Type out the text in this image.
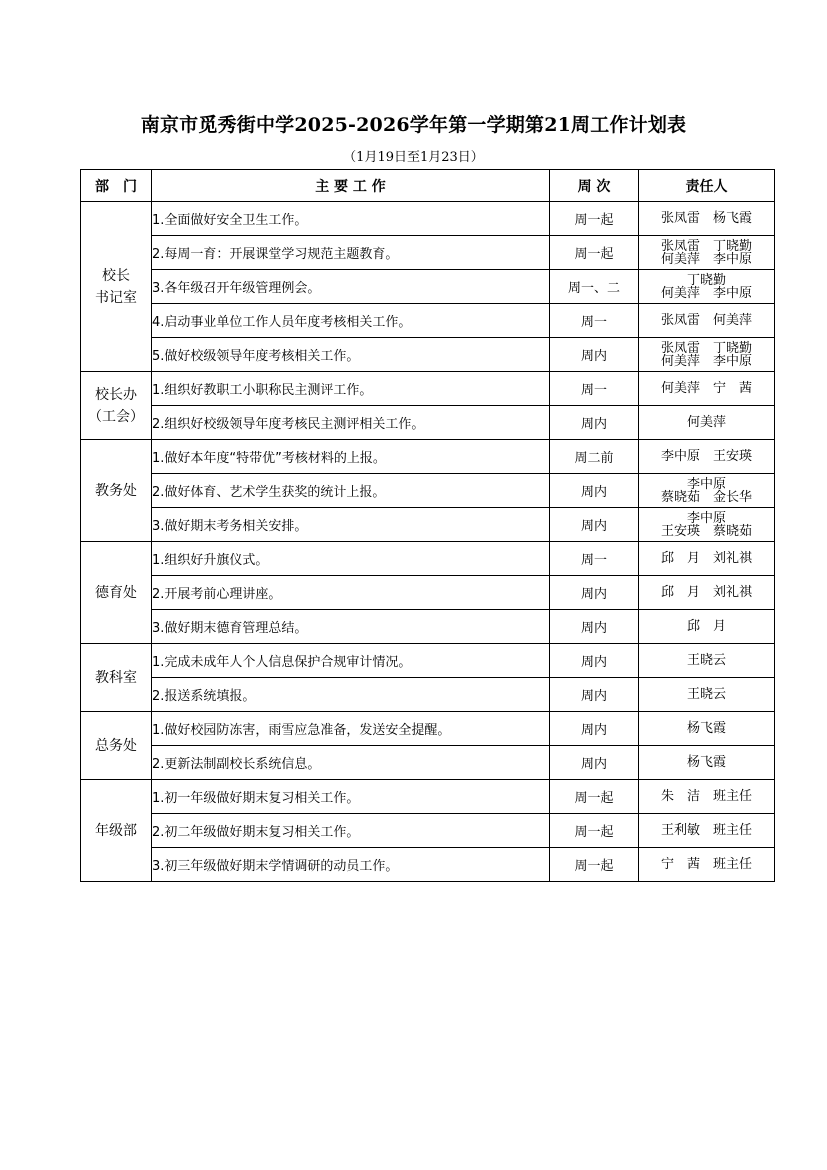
南京市觅秀街中学2025-2026学年第一学期第21周工作计划表
（1月19日至1月23日）
部　门	主 要 工 作	周 次	责任人

校长
书记室	1.全面做好安全卫生工作。	周一起	张凤雷　杨飞霞

	2.每周一育：开展课堂学习规范主题教育。	周一起	张凤雷　丁晓勤
何美萍　李中原

	3.各年级召开年级管理例会。	周一、二	丁晓勤
何美萍　李中原

	4.启动事业单位工作人员年度考核相关工作。	周一	张凤雷　何美萍

	5.做好校级领导年度考核相关工作。	周内	张凤雷　丁晓勤
何美萍　李中原

校长办
（工会）	1.组织好教职工小职称民主测评工作。	周一	何美萍　宁　茜

	2.组织好校级领导年度考核民主测评相关工作。	周内	何美萍

教务处	1.做好本年度“特带优”考核材料的上报。	周二前	李中原　王安瑛

	2.做好体育、艺术学生获奖的统计上报。	周内	李中原
蔡晓茹　金长华

	3.做好期末考务相关安排。	周内	李中原
王安瑛　蔡晓茹

德育处	1.组织好升旗仪式。	周一	邱　月　刘礼祺

	2.开展考前心理讲座。	周内	邱　月　刘礼祺

	3.做好期末德育管理总结。	周内	邱　月

教科室	1.完成未成年人个人信息保护合规审计情况。	周内	王晓云

	2.报送系统填报。	周内	王晓云

总务处	1.做好校园防冻害，雨雪应急准备，发送安全提醒。	周内	杨飞霞

	2.更新法制副校长系统信息。	周内	杨飞霞

年级部	1.初一年级做好期末复习相关工作。	周一起	朱　洁　班主任

	2.初二年级做好期末复习相关工作。	周一起	王利敏　班主任

	3.初三年级做好期末学情调研的动员工作。	周一起	宁　茜　班主任
